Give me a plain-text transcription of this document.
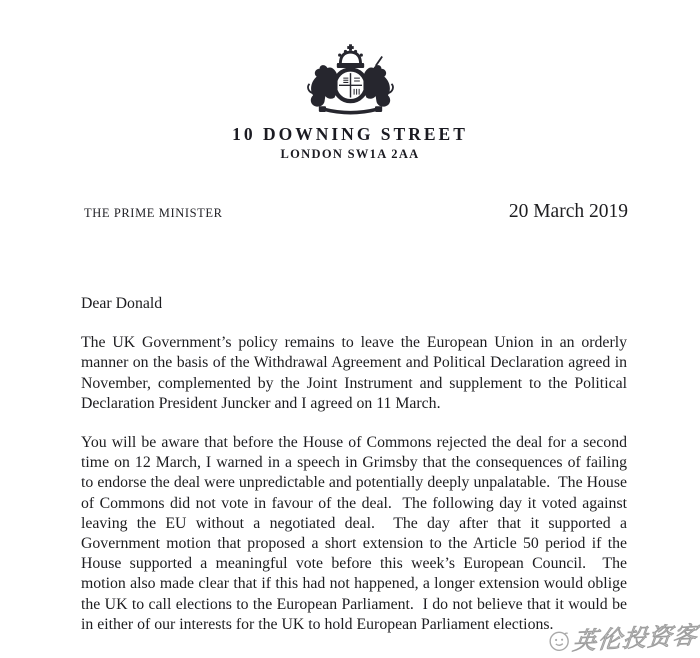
10 DOWNING STREET
LONDON SW1A 2AA
THE PRIME MINISTER	20 March 2019

Dear Donald

The UK Government’s policy remains to leave the European Union in an orderly manner on the basis of the Withdrawal Agreement and Political Declaration agreed in November, complemented by the Joint Instrument and supplement to the Political Declaration President Juncker and I agreed on 11 March.

You will be aware that before the House of Commons rejected the deal for a second time on 12 March, I warned in a speech in Grimsby that the consequences of failing to endorse the deal were unpredictable and potentially deeply unpalatable.  The House of Commons did not vote in favour of the deal.  The following day it voted against leaving the EU without a negotiated deal.  The day after that it supported a Government motion that proposed a short extension to the Article 50 period if the House supported a meaningful vote before this week’s European Council.  The motion also made clear that if this had not happened, a longer extension would oblige the UK to call elections to the European Parliament.  I do not believe that it would be in either of our interests for the UK to hold European Parliament elections. 英伦投资客
